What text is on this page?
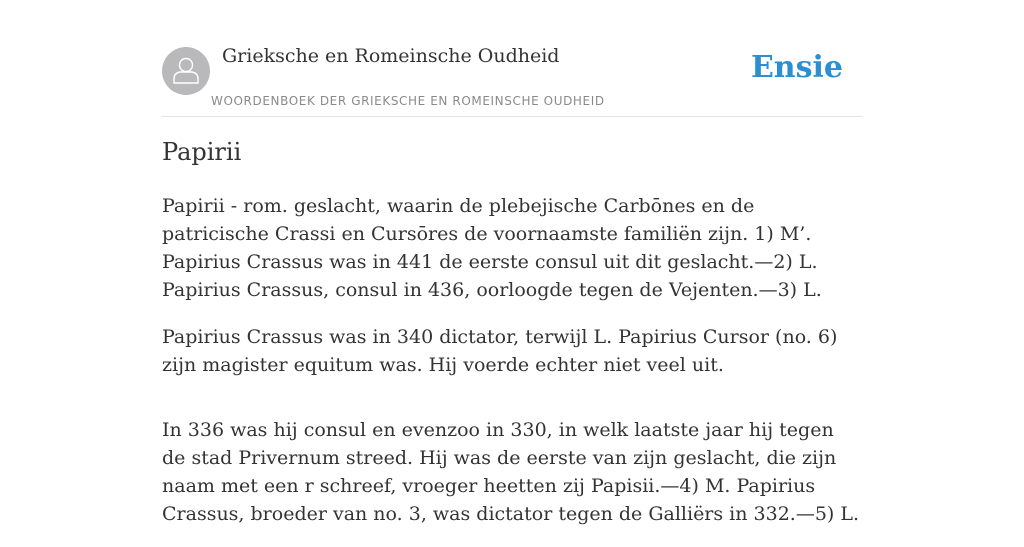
Grieksche en Romeinsche Oudheid
WOORDENBOEK DER GRIEKSCHE EN ROMEINSCHE OUDHEID
Ensie
Papirii

Papirii - rom. geslacht, waarin de plebejische Carbōnes en de patricische Crassi en Cursōres de voornaamste familiën zijn. 1) M’. Papirius Crassus was in 441 de eerste consul uit dit geslacht.—2) L. Papirius Crassus, consul in 436, oorloogde tegen de Vejenten.—3) L.

Papirius Crassus was in 340 dictator, terwijl L. Papirius Cursor (no. 6) zijn magister equitum was. Hij voerde echter niet veel uit.

In 336 was hij consul en evenzoo in 330, in welk laatste jaar hij tegen de stad Privernum streed. Hij was de eerste van zijn geslacht, die zijn naam met een r schreef, vroeger heetten zij Papisii.—4) M. Papirius Crassus, broeder van no. 3, was dictator tegen de Galliërs in 332.—5) L.
